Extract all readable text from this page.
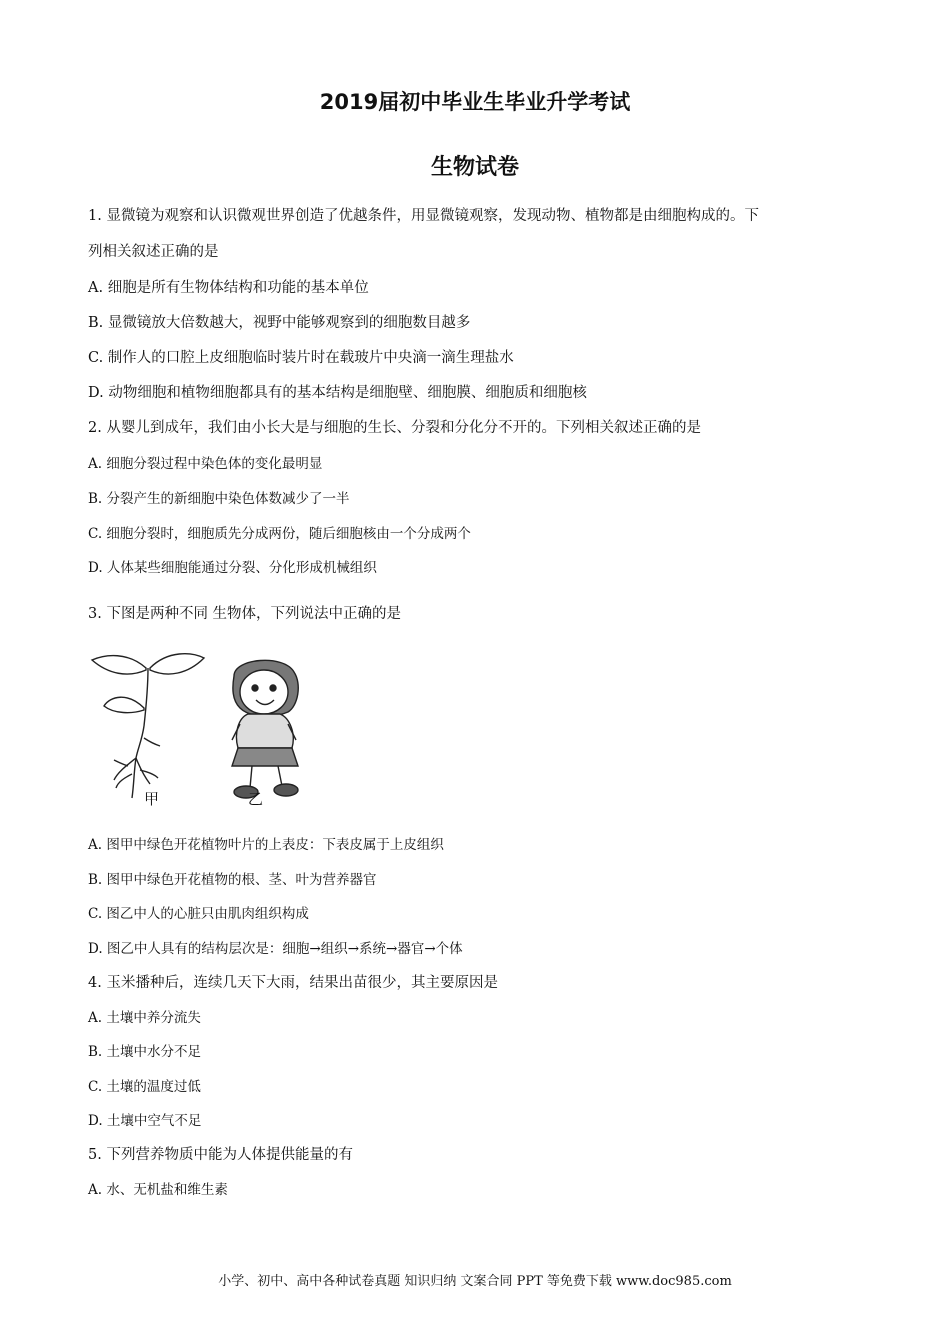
2019届初中毕业生毕业升学考试
生物试卷
1. 显微镜为观察和认识微观世界创造了优越条件，用显微镜观察，发现动物、植物都是由细胞构成的。下
列相关叙述正确的是
A. 细胞是所有生物体结构和功能的基本单位
B. 显微镜放大倍数越大，视野中能够观察到的细胞数目越多
C. 制作人的口腔上皮细胞临时装片时在载玻片中央滴一滴生理盐水
D. 动物细胞和植物细胞都具有的基本结构是细胞壁、细胞膜、细胞质和细胞核
2. 从婴儿到成年，我们由小长大是与细胞的生长、分裂和分化分不开的。下列相关叙述正确的是
A. 细胞分裂过程中染色体的变化最明显
B. 分裂产生的新细胞中染色体数减少了一半
C. 细胞分裂时，细胞质先分成两份，随后细胞核由一个分成两个
D. 人体某些细胞能通过分裂、分化形成机械组织
3. 下图是两种不同 生物体，下列说法中正确的是
甲	乙
A. 图甲中绿色开花植物叶片的上表皮：下表皮属于上皮组织
B. 图甲中绿色开花植物的根、茎、叶为营养器官
C. 图乙中人的心脏只由肌肉组织构成
D. 图乙中人具有的结构层次是：细胞→组织→系统→器官→个体
4. 玉米播种后，连续几天下大雨，结果出苗很少，其主要原因是
A. 土壤中养分流失
B. 土壤中水分不足
C. 土壤的温度过低
D. 土壤中空气不足
5. 下列营养物质中能为人体提供能量的有
A. 水、无机盐和维生素
小学、初中、高中各种试卷真题 知识归纳 文案合同 PPT 等免费下载 www.doc985.com
